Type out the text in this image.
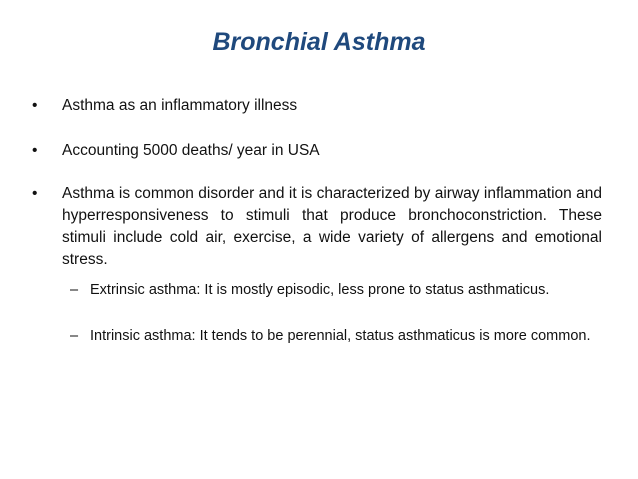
Bronchial Asthma
•	Asthma as an inflammatory illness
•	Accounting 5000 deaths/ year in USA
•	Asthma is common disorder and it is characterized by airway inflammation and hyperresponsiveness to stimuli that produce bronchoconstriction. These stimuli include cold air, exercise, a wide variety of allergens and emotional stress.
– Extrinsic asthma: It is mostly episodic, less prone to status asthmaticus.
– Intrinsic asthma: It tends to be perennial, status asthmaticus is more common.
